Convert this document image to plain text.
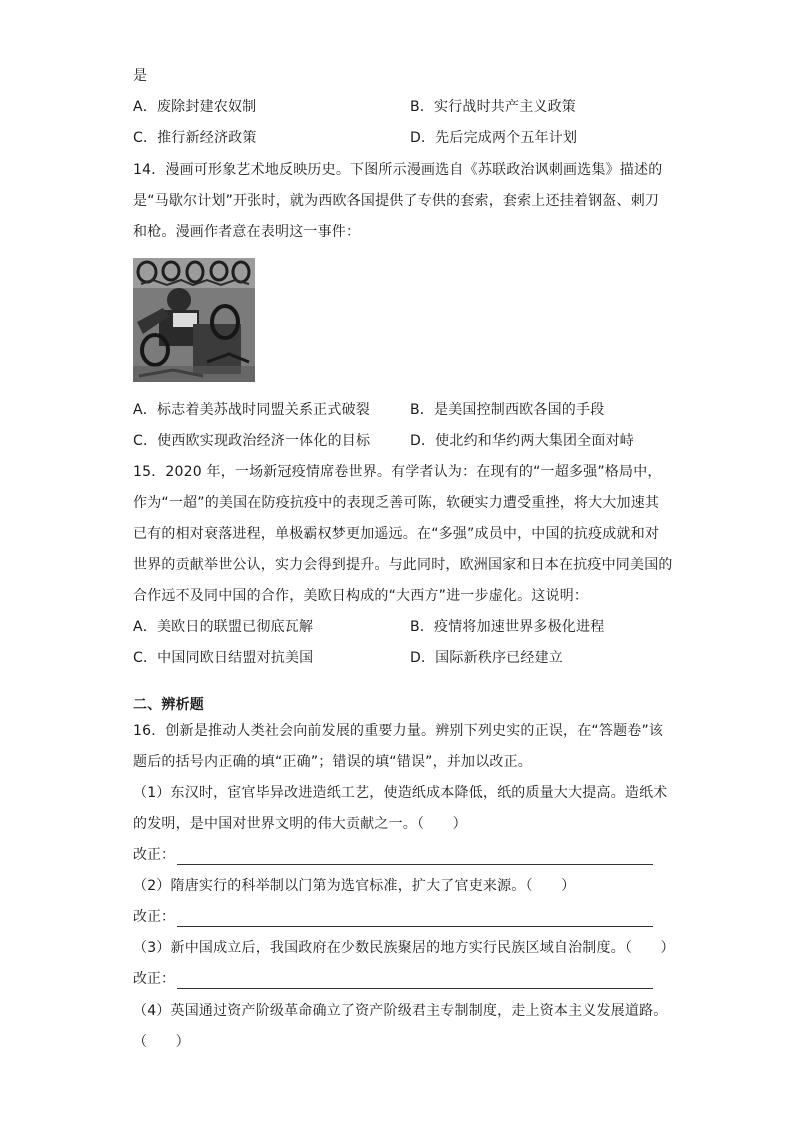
是
A．废除封建农奴制	B．实行战时共产主义政策
C．推行新经济政策	D．先后完成两个五年计划
14．漫画可形象艺术地反映历史。下图所示漫画选自《苏联政治讽刺画选集》描述的
是“马歇尔计划”开张时，就为西欧各国提供了专供的套索，套索上还挂着钢盔、刺刀
和枪。漫画作者意在表明这一事件：
A．标志着美苏战时同盟关系正式破裂	B．是美国控制西欧各国的手段
C．使西欧实现政治经济一体化的目标	D．使北约和华约两大集团全面对峙
15．2020 年，一场新冠疫情席卷世界。有学者认为：在现有的“一超多强”格局中，
作为“一超”的美国在防疫抗疫中的表现乏善可陈，软硬实力遭受重挫，将大大加速其
已有的相对衰落进程，单极霸权梦更加遥远。在“多强”成员中，中国的抗疫成就和对
世界的贡献举世公认，实力会得到提升。与此同时，欧洲国家和日本在抗疫中同美国的
合作远不及同中国的合作，美欧日构成的“大西方”进一步虚化。这说明：
A．美欧日的联盟已彻底瓦解	B．疫情将加速世界多极化进程
C．中国同欧日结盟对抗美国	D．国际新秩序已经建立
二、辨析题
16．创新是推动人类社会向前发展的重要力量。辨别下列史实的正误，在“答题卷”该
题后的括号内正确的填“正确”；错误的填“错误”，并加以改正。
（1）东汉时，宦官毕异改进造纸工艺，使造纸成本降低，纸的质量大大提高。造纸术
的发明，是中国对世界文明的伟大贡献之一。（　　）
改正：
（2）隋唐实行的科举制以门第为选官标准，扩大了官吏来源。（　　）
改正：
（3）新中国成立后，我国政府在少数民族聚居的地方实行民族区域自治制度。（　　）
改正：
（4）英国通过资产阶级革命确立了资产阶级君主专制制度，走上资本主义发展道路。
（　　）
